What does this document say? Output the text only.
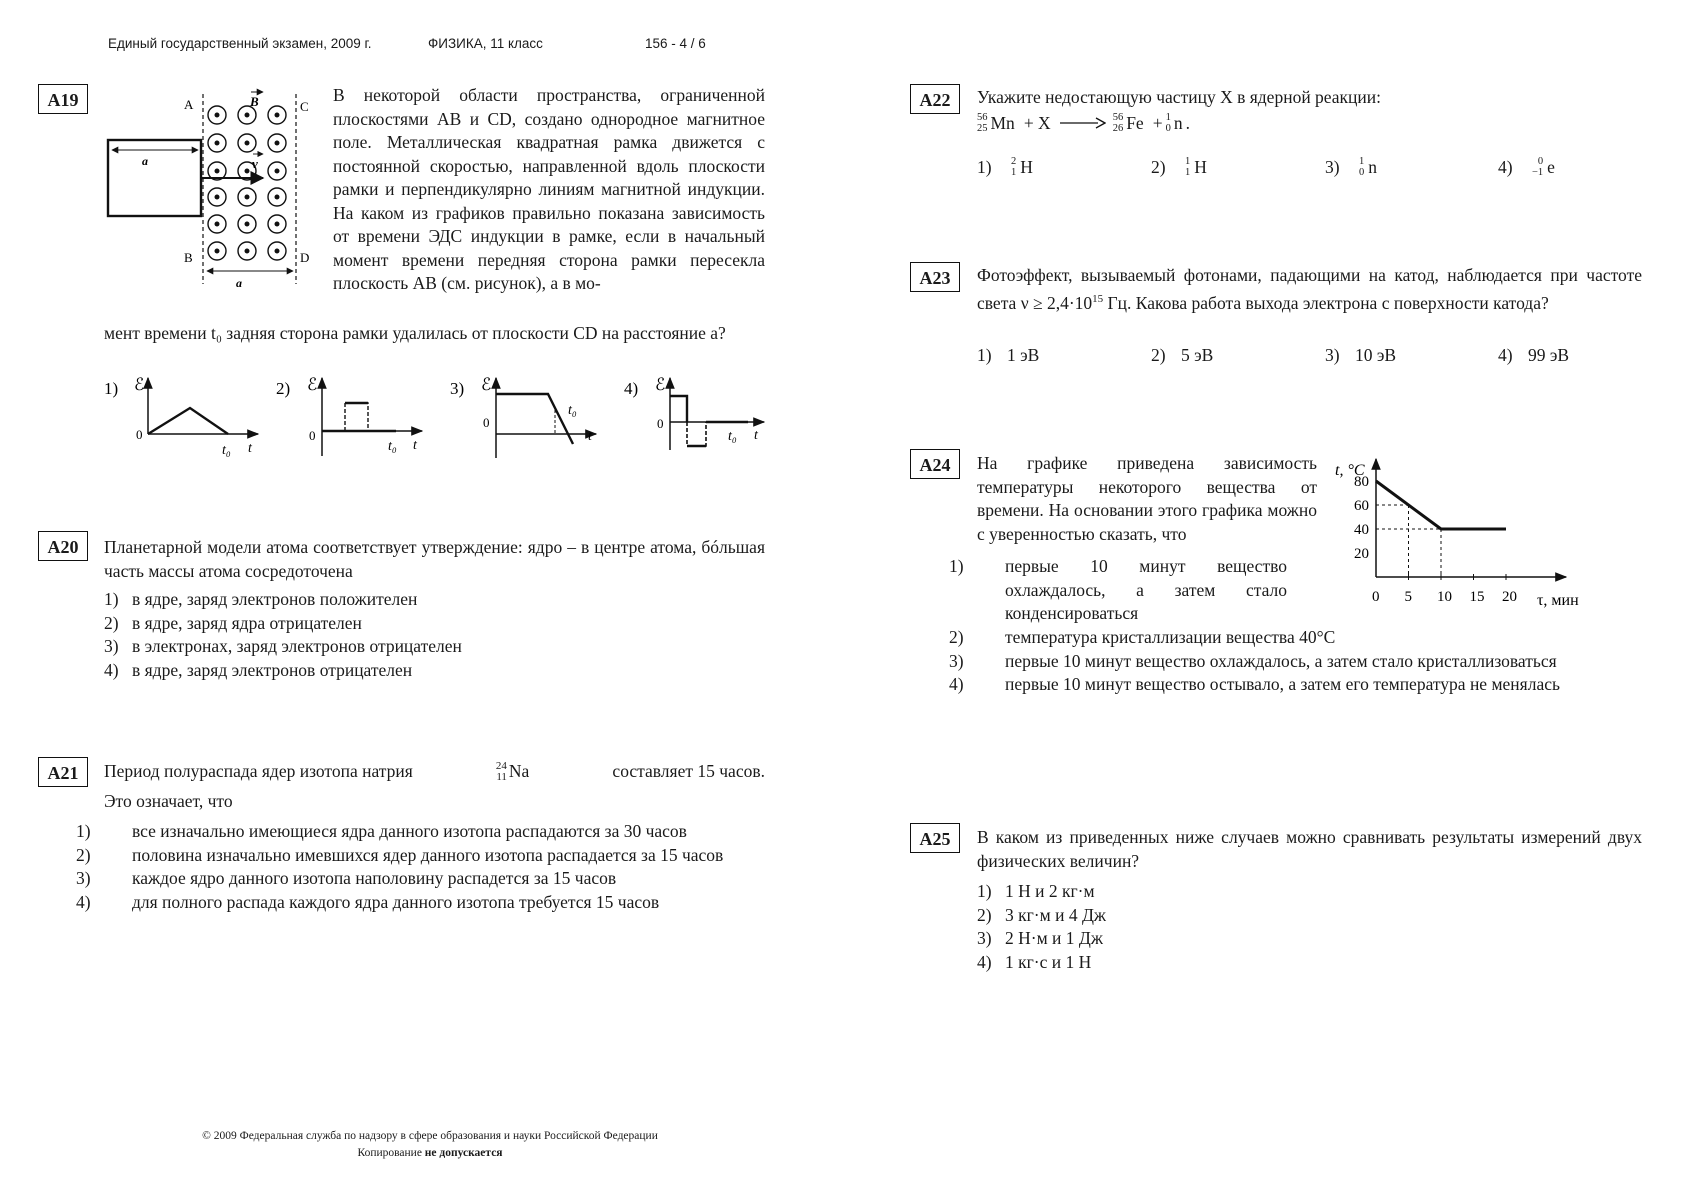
Единый государственный экзамен, 2009 г.	ФИЗИКА, 11 класс	156 - 4 / 6
А19	A	C
B	D
B
a	v
a
В некоторой области пространства, ограниченной плоскостями АВ и CD, создано однородное магнитное поле. Металлическая квадратная рамка движется с постоянной скоростью, направленной вдоль плоскости рамки и перпендикулярно линиям магнитной индукции. На каком из графиков правильно показана зависимость от времени ЭДС индукции в рамке, если в начальный момент времени передняя сторона рамки пересекла плоскость АВ (см. рисунок), а в мо-
мент времени t₀ задняя сторона рамки удалилась от плоскости CD на расстояние a?
1) ℰ
0
t₀ t
2) ℰ
0
t₀ t
3) ℰ
0
t₀
t
4) ℰ
0
t₀ t
А20	Планетарной модели атома соответствует утверждение: ядро – в центре атома, бóльшая часть массы атома сосредоточена
1) в ядре, заряд электронов положителен
2) в ядре, заряд ядра отрицателен
3) в электронах, заряд электронов отрицателен
4) в ядре, заряд электронов отрицателен
А21	Период полураспада ядер изотопа натрия	24
11 Na	составляет 15 часов.
Это означает, что
1) все изначально имеющиеся ядра данного изотопа распадаются за 30 часов
2) половина изначально имевшихся ядер данного изотопа распадается за 15 часов
3) каждое ядро данного изотопа наполовину распадется за 15 часов
4) для полного распада каждого ядра данного изотопа требуется 15 часов
А22	Укажите недостающую частицу X в ядерной реакции:
56
25 Mn + X → 56
26 Fe + 1
0 n .
1)	2
1 H	2)	1
1 H	3)	1
0 n	4)	0
−1 e
А23	Фотоэффект, вызываемый фотонами, падающими на катод, наблюдается при частоте света $\nu \ge 2,4\cdot 10^{15}$ Гц. Какова работа выхода электрона с поверхности катода?
1) 1 эВ	2) 5 эВ	3) 10 эВ	4) 99 эВ
А24	На графике приведена зависимость температуры некоторого вещества от времени. На основании этого графика можно с уверенностью сказать, что
1) первые 10 минут вещество охлаждалось, а затем стало конденсироваться
2) температура кристаллизации вещества 40°C
3) первые 10 минут вещество охлаждалось, а затем стало кристаллизоваться
4) первые 10 минут вещество остывало, а затем его температура не менялась
0 5 10 15 20
20
40
60
80
t, °C
τ, мин
А25	В каком из приведенных ниже случаев можно сравнивать результаты измерений двух физических величин?
1) 1 Н и 2 кг·м
2) 3 кг·м и 4 Дж
3) 2 Н·м и 1 Дж
4) 1 кг·с и 1 Н
© 2009 Федеральная служба по надзору в сфере образования и науки Российской Федерации
Копирование не допускается
